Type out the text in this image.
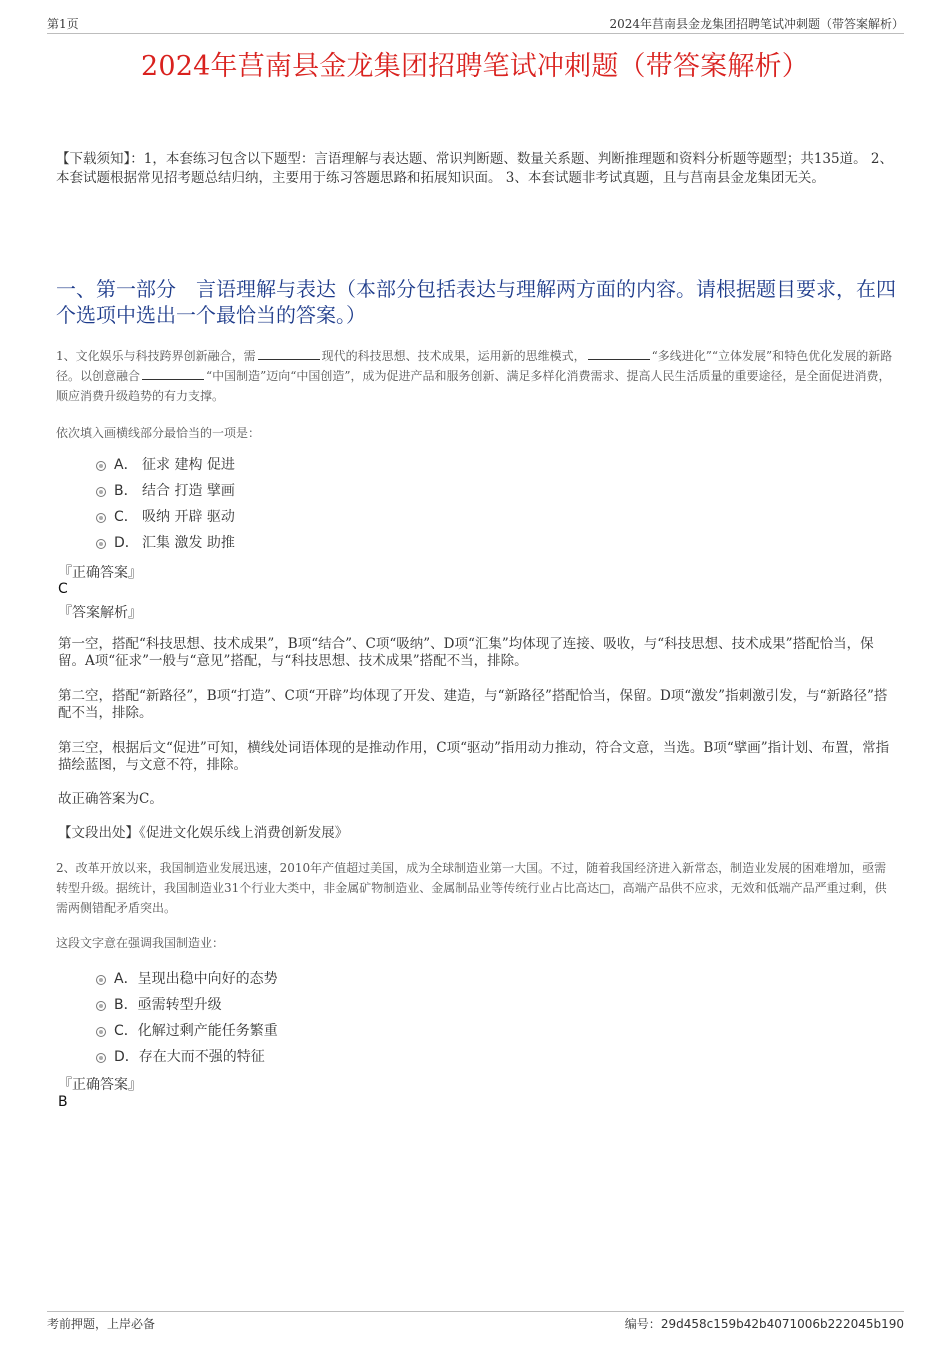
第1页	2024年莒南县金龙集团招聘笔试冲刺题（带答案解析）
2024年莒南县金龙集团招聘笔试冲刺题（带答案解析）
【下载须知】：1，本套练习包含以下题型：言语理解与表达题、常识判断题、数量关系题、判断推理题和资料分析题等题型；共135道。 2、本套试题根据常见招考题总结归纳，主要用于练习答题思路和拓展知识面。 3、本套试题非考试真题，且与莒南县金龙集团无关。
一、第一部分　言语理解与表达（本部分包括表达与理解两方面的内容。请根据题目要求，在四个选项中选出一个最恰当的答案。）
1、文化娱乐与科技跨界创新融合，需	现代的科技思想、技术成果，运用新的思维模式，	“多线进化”“立体发展”和特色优化发展的新路径。以创意融合	“中国制造”迈向“中国创造”，成为促进产品和服务创新、满足多样化消费需求、提高人民生活质量的重要途径，是全面促进消费，顺应消费升级趋势的有力支撑。
依次填入画横线部分最恰当的一项是：
A． 征求 建构 促进
B． 结合 打造 擘画
C． 吸纳 开辟 驱动
D． 汇集 激发 助推
『正确答案』
C
『答案解析』
第一空，搭配“科技思想、技术成果”，B项“结合”、C项“吸纳”、D项“汇集”均体现了连接、吸收，与“科技思想、技术成果”搭配恰当，保留。A项“征求”一般与“意见”搭配，与“科技思想、技术成果”搭配不当，排除。
第二空，搭配“新路径”，B项“打造”、C项“开辟”均体现了开发、建造，与“新路径”搭配恰当，保留。D项“激发”指刺激引发，与“新路径”搭配不当，排除。
第三空，根据后文“促进”可知，横线处词语体现的是推动作用，C项“驱动”指用动力推动，符合文意，当选。B项“擘画”指计划、布置，常指描绘蓝图，与文意不符，排除。
故正确答案为C。
【文段出处】《促进文化娱乐线上消费创新发展》
2、改革开放以来，我国制造业发展迅速，2010年产值超过美国，成为全球制造业第一大国。不过，随着我国经济进入新常态，制造业发展的困难增加，亟需转型升级。据统计，我国制造业31个行业大类中，非金属矿物制造业、金属制品业等传统行业占比高达□，高端产品供不应求，无效和低端产品严重过剩，供需两侧错配矛盾突出。
这段文字意在强调我国制造业：
A．呈现出稳中向好的态势
B．亟需转型升级
C．化解过剩产能任务繁重
D．存在大而不强的特征
『正确答案』
B
考前押题，上岸必备	编号：29d458c159b42b4071006b222045b190
